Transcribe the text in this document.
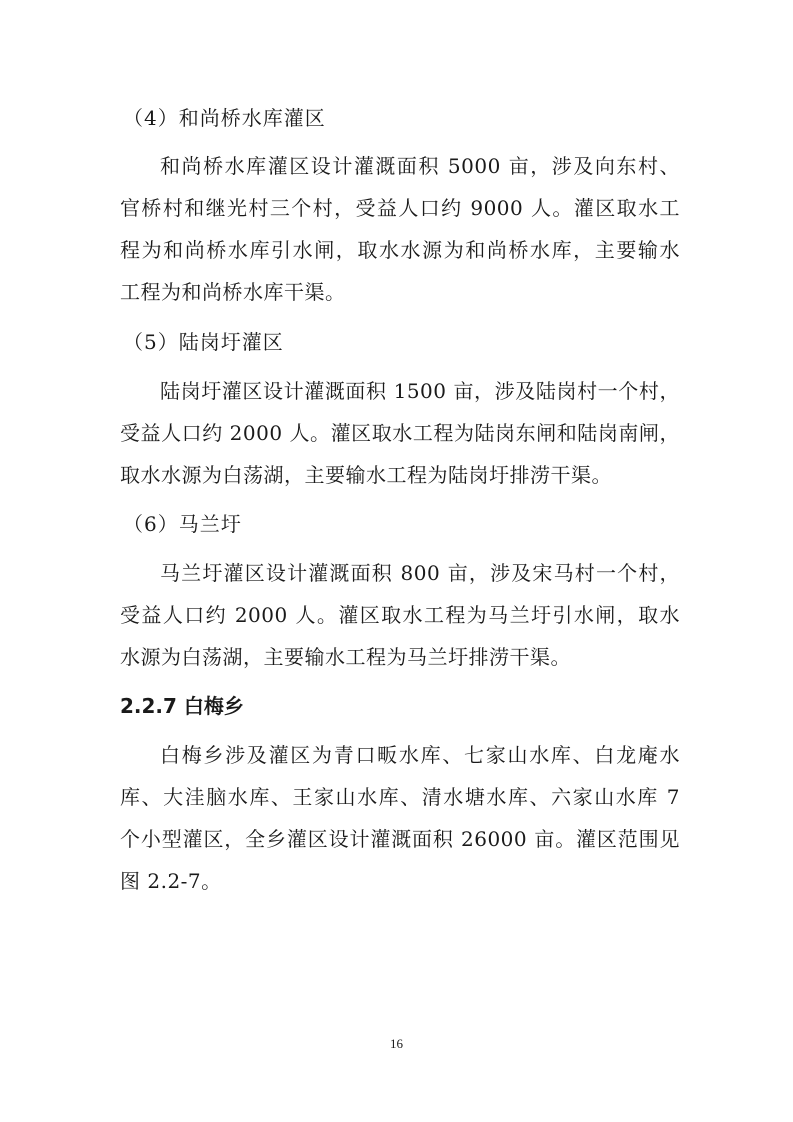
（4）和尚桥水库灌区
和尚桥水库灌区设计灌溉面积 5000 亩，涉及向东村、
官桥村和继光村三个村，受益人口约 9000 人。灌区取水工
程为和尚桥水库引水闸，取水水源为和尚桥水库，主要输水
工程为和尚桥水库干渠。
（5）陆岗圩灌区
陆岗圩灌区设计灌溉面积 1500 亩，涉及陆岗村一个村，
受益人口约 2000 人。灌区取水工程为陆岗东闸和陆岗南闸，
取水水源为白荡湖，主要输水工程为陆岗圩排涝干渠。
（6）马兰圩
马兰圩灌区设计灌溉面积 800 亩，涉及宋马村一个村，
受益人口约 2000 人。灌区取水工程为马兰圩引水闸，取水
水源为白荡湖，主要输水工程为马兰圩排涝干渠。
2.2.7 白梅乡
白梅乡涉及灌区为青口畈水库、七家山水库、白龙庵水
库、大洼脑水库、王家山水库、清水塘水库、六家山水库 7
个小型灌区，全乡灌区设计灌溉面积 26000 亩。灌区范围见
图 2.2-7。
16
